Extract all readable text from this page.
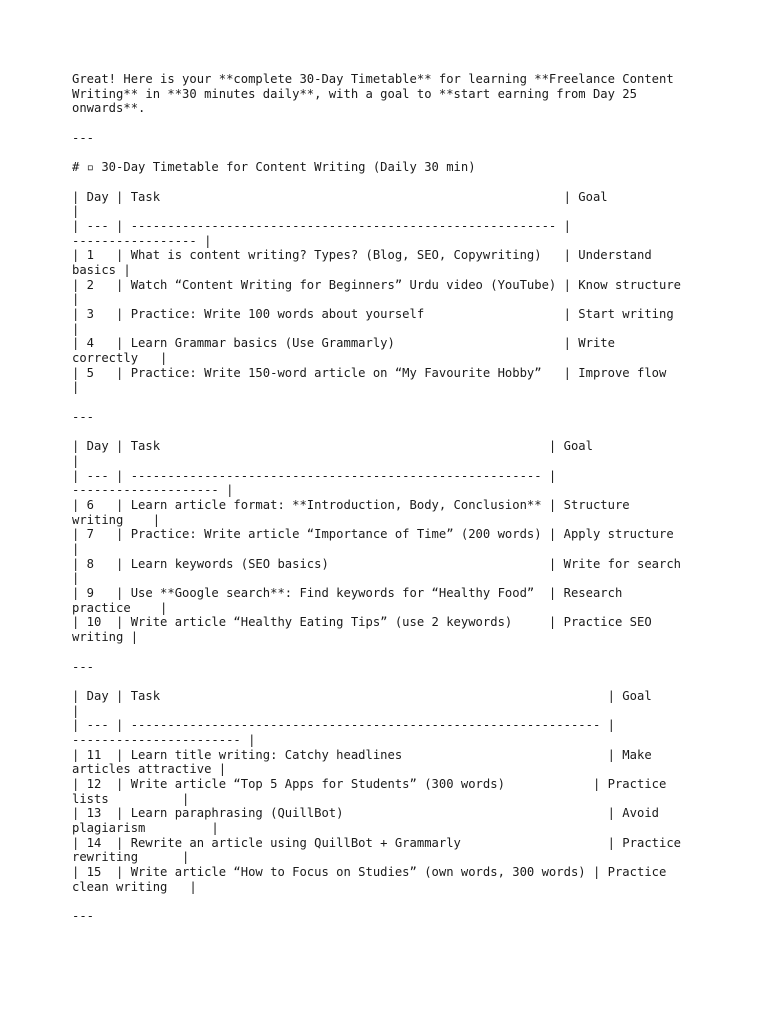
Great! Here is your **complete 30-Day Timetable** for learning **Freelance Content
Writing** in **30 minutes daily**, with a goal to **start earning from Day 25
onwards**.
---
# ▫ 30-Day Timetable for Content Writing (Daily 30 min)
| Day | Task                                                       | Goal
|
| --- | ---------------------------------------------------------- |
----------------- |
| 1   | What is content writing? Types? (Blog, SEO, Copywriting)   | Understand
basics |
| 2   | Watch “Content Writing for Beginners” Urdu video (YouTube) | Know structure
|
| 3   | Practice: Write 100 words about yourself                   | Start writing
|
| 4   | Learn Grammar basics (Use Grammarly)                       | Write
correctly   |
| 5   | Practice: Write 150-word article on “My Favourite Hobby”   | Improve flow
|
---
| Day | Task                                                     | Goal
|
| --- | -------------------------------------------------------- |
-------------------- |
| 6   | Learn article format: **Introduction, Body, Conclusion** | Structure
writing    |
| 7   | Practice: Write article “Importance of Time” (200 words) | Apply structure
|
| 8   | Learn keywords (SEO basics)                              | Write for search
|
| 9   | Use **Google search**: Find keywords for “Healthy Food”  | Research
practice    |
| 10  | Write article “Healthy Eating Tips” (use 2 keywords)     | Practice SEO
writing |
---
| Day | Task                                                             | Goal
|
| --- | ---------------------------------------------------------------- |
----------------------- |
| 11  | Learn title writing: Catchy headlines                            | Make
articles attractive |
| 12  | Write article “Top 5 Apps for Students” (300 words)            | Practice
lists          |
| 13  | Learn paraphrasing (QuillBot)                                    | Avoid
plagiarism         |
| 14  | Rewrite an article using QuillBot + Grammarly                    | Practice
rewriting      |
| 15  | Write article “How to Focus on Studies” (own words, 300 words) | Practice
clean writing   |
---
